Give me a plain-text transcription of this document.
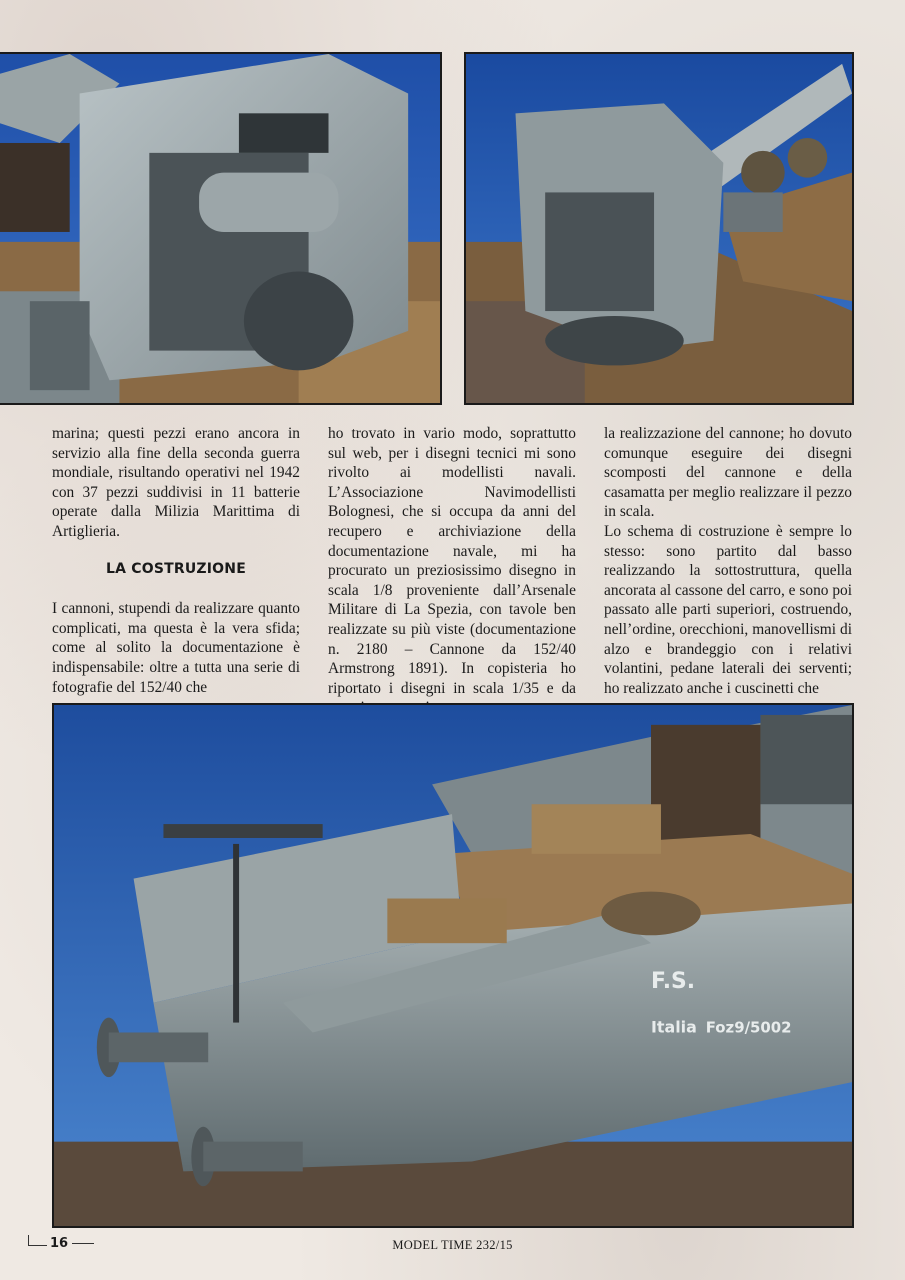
marina; questi pezzi erano ancora in servizio alla fine della seconda guerra mondiale, risultando operativi nel 1942 con 37 pezzi suddivisi in 11 batterie operate dalla Milizia Marittima di Artiglieria.

LA COSTRUZIONE

I cannoni, stupendi da realizzare quanto complicati, ma questa è la vera sfida; come al solito la documentazione è indispensabile: oltre a tutta una serie di fotografie del 152/40 che

ho trovato in vario modo, soprattutto sul web, per i disegni tecnici mi sono rivolto ai modellisti navali. L’Associazione Navimodellisti Bolognesi, che si occupa da anni del recupero e archiviazione della documentazione navale, mi ha procurato un preziosissimo disegno in scala 1/8 proveniente dall’Arsenale Militare di La Spezia, con tavole ben realizzate su più viste (documentazione n. 2180 – Cannone da 152/40 Armstrong 1891). In copisteria ho riportato i disegni in scala 1/35 e da

la realizzazione del cannone; ho dovuto comunque eseguire dei disegni scomposti del cannone e della casamatta per meglio realizzare il pezzo in scala.

Lo schema di costruzione è sempre lo stesso: sono partito dal basso realizzando la sottostruttura, quella ancorata al cassone del carro, e sono poi passato alle parti superiori, costruendo, nell’ordine, orecchioni, manovellismi di alzo e brandeggio con i relativi volantini, pedane laterali dei serventi; ho realizzato anche i cuscinetti che

F.S.
Italia Foz9/5002
16	MODEL TIME 232/15
